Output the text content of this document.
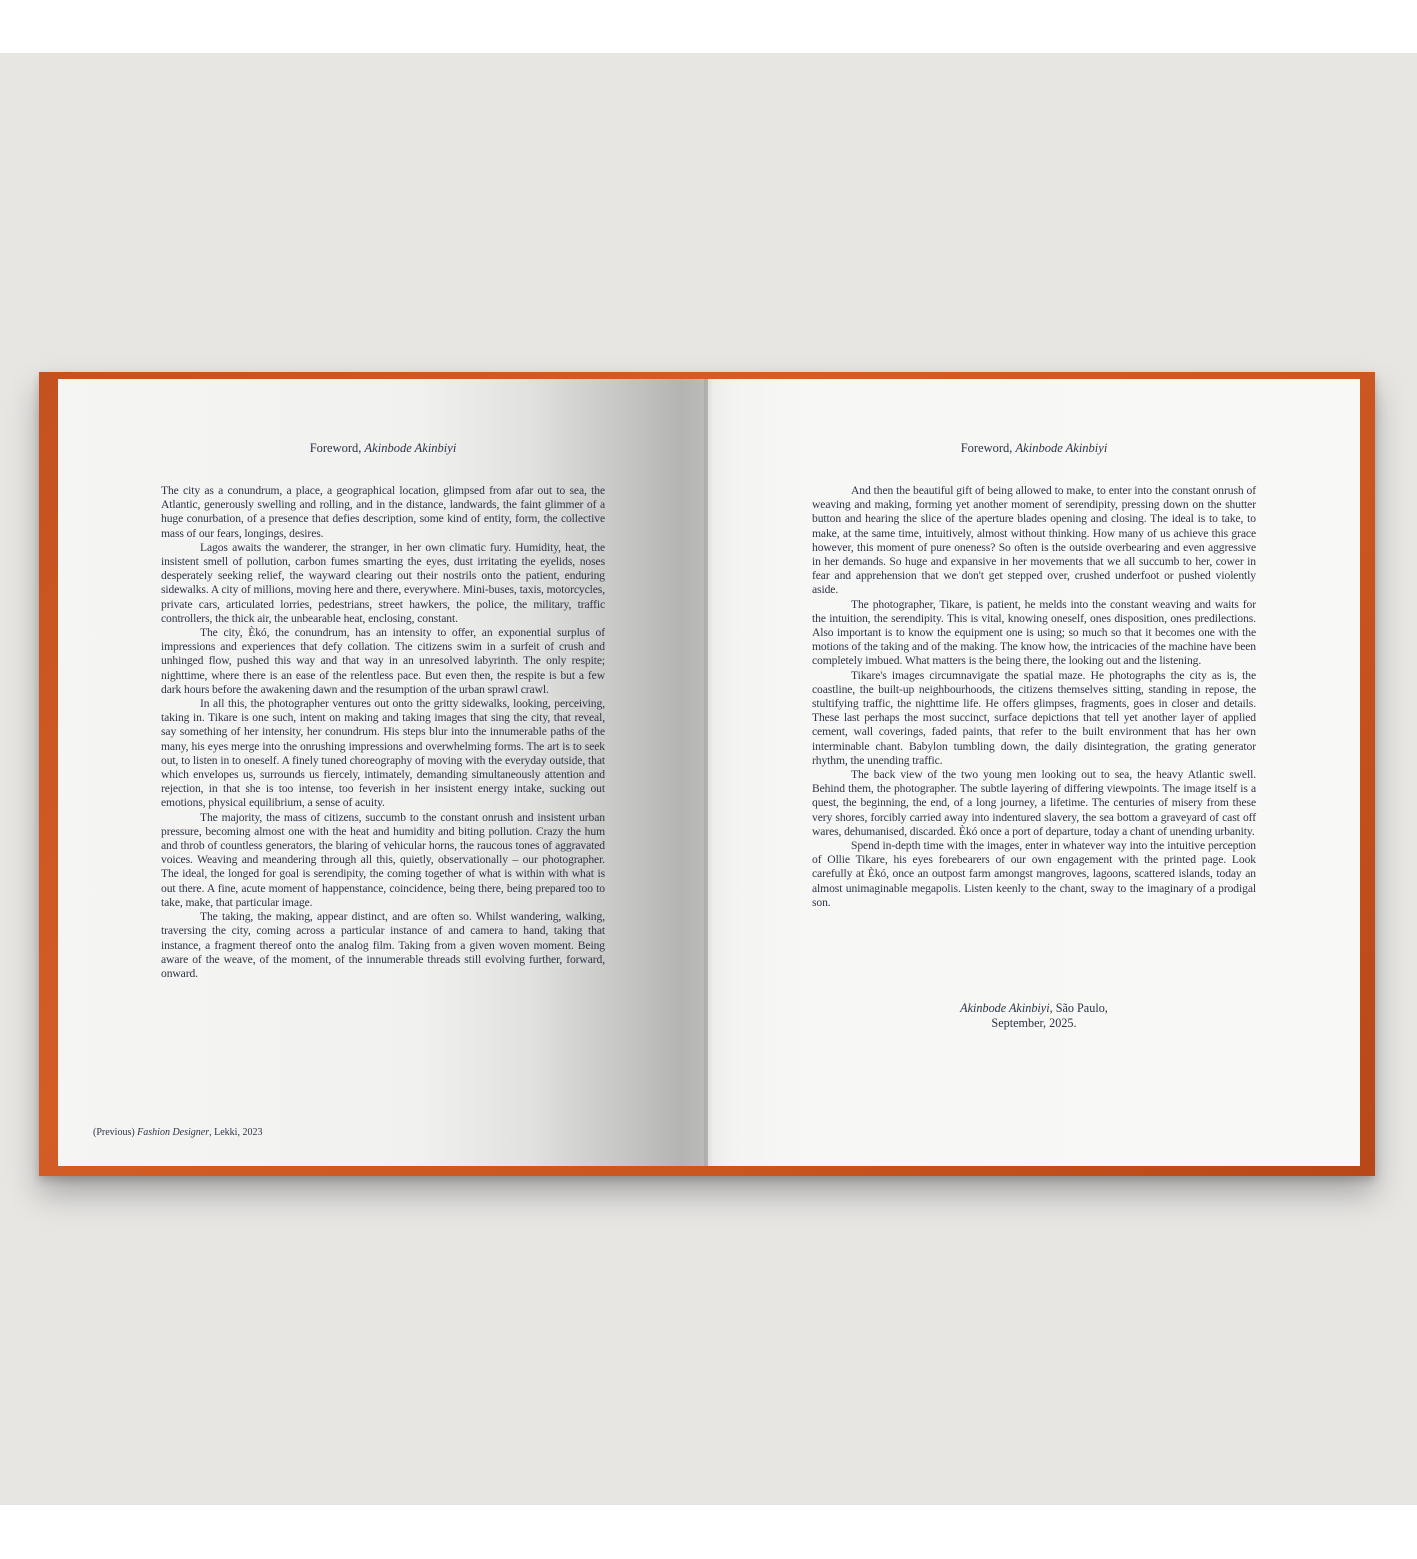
Foreword, Akinbode Akinbiyi

The city as a conundrum, a place, a geographical location, glimpsed from afar out to sea, the Atlantic, generously swelling and rolling, and in the distance, landwards, the faint glimmer of a huge conurbation, of a presence that defies description, some kind of entity, form, the collective mass of our fears, longings, desires.

Lagos awaits the wanderer, the stranger, in her own climatic fury. Humidity, heat, the insistent smell of pollution, carbon fumes smarting the eyes, dust irritating the eyelids, noses desperately seeking relief, the wayward clearing out their nostrils onto the patient, enduring sidewalks. A city of millions, moving here and there, everywhere. Mini-buses, taxis, motorcycles, private cars, articulated lorries, pedestrians, street hawkers, the police, the military, traffic controllers, the thick air, the unbearable heat, enclosing, constant.

The city, Èkó, the conundrum, has an intensity to offer, an exponential surplus of impressions and experiences that defy collation. The citizens swim in a surfeit of crush and unhinged flow, pushed this way and that way in an unresolved labyrinth. The only respite; nighttime, where there is an ease of the relentless pace. But even then, the respite is but a few dark hours before the awakening dawn and the resumption of the urban sprawl crawl.

In all this, the photographer ventures out onto the gritty sidewalks, looking, perceiving, taking in. Tikare is one such, intent on making and taking images that sing the city, that reveal, say something of her intensity, her conundrum. His steps blur into the innumerable paths of the many, his eyes merge into the onrushing impressions and overwhelming forms. The art is to seek out, to listen in to oneself. A finely tuned choreography of moving with the everyday outside, that which envelopes us, surrounds us fiercely, intimately, demanding simultaneously attention and rejection, in that she is too intense, too feverish in her insistent energy intake, sucking out emotions, physical equilibrium, a sense of acuity.

The majority, the mass of citizens, succumb to the constant onrush and insistent urban pressure, becoming almost one with the heat and humidity and biting pollution. Crazy the hum and throb of countless generators, the blaring of vehicular horns, the raucous tones of aggravated voices. Weaving and meandering through all this, quietly, observationally – our photographer. The ideal, the longed for goal is serendipity, the coming together of what is within with what is out there. A fine, acute moment of happenstance, coincidence, being there, being prepared too to take, make, that particular image.

The taking, the making, appear distinct, and are often so. Whilst wandering, walking, traversing the city, coming across a particular instance of and camera to hand, taking that instance, a fragment thereof onto the analog film. Taking from a given woven moment. Being aware of the weave, of the moment, of the innumerable threads still evolving further, forward, onward.

(Previous) Fashion Designer, Lekki, 2023
Foreword, Akinbode Akinbiyi

And then the beautiful gift of being allowed to make, to enter into the constant onrush of weaving and making, forming yet another moment of serendipity, pressing down on the shutter button and hearing the slice of the aperture blades opening and closing. The ideal is to take, to make, at the same time, intuitively, almost without thinking. How many of us achieve this grace however, this moment of pure oneness? So often is the outside overbearing and even aggressive in her demands. So huge and expansive in her movements that we all succumb to her, cower in fear and apprehension that we don't get stepped over, crushed underfoot or pushed violently aside.

The photographer, Tikare, is patient, he melds into the constant weaving and waits for the intuition, the serendipity. This is vital, knowing oneself, ones disposition, ones predilections. Also important is to know the equipment one is using; so much so that it becomes one with the motions of the taking and of the making. The know how, the intricacies of the machine have been completely imbued. What matters is the being there, the looking out and the listening.

Tikare's images circumnavigate the spatial maze. He photographs the city as is, the coastline, the built-up neighbourhoods, the citizens themselves sitting, standing in repose, the stultifying traffic, the nighttime life. He offers glimpses, fragments, goes in closer and details. These last perhaps the most succinct, surface depictions that tell yet another layer of applied cement, wall coverings, faded paints, that refer to the built environment that has her own interminable chant. Babylon tumbling down, the daily disintegration, the grating generator rhythm, the unending traffic.

The back view of the two young men looking out to sea, the heavy Atlantic swell. Behind them, the photographer. The subtle layering of differing viewpoints. The image itself is a quest, the beginning, the end, of a long journey, a lifetime. The centuries of misery from these very shores, forcibly carried away into indentured slavery, the sea bottom a graveyard of cast off wares, dehumanised, discarded. Èkó once a port of departure, today a chant of unending urbanity.

Spend in-depth time with the images, enter in whatever way into the intuitive perception of Ollie Tikare, his eyes forebearers of our own engagement with the printed page. Look carefully at Èkó, once an outpost farm amongst mangroves, lagoons, scattered islands, today an almost unimaginable megapolis. Listen keenly to the chant, sway to the imaginary of a prodigal son.

Akinbode Akinbiyi, São Paulo,
September, 2025.
